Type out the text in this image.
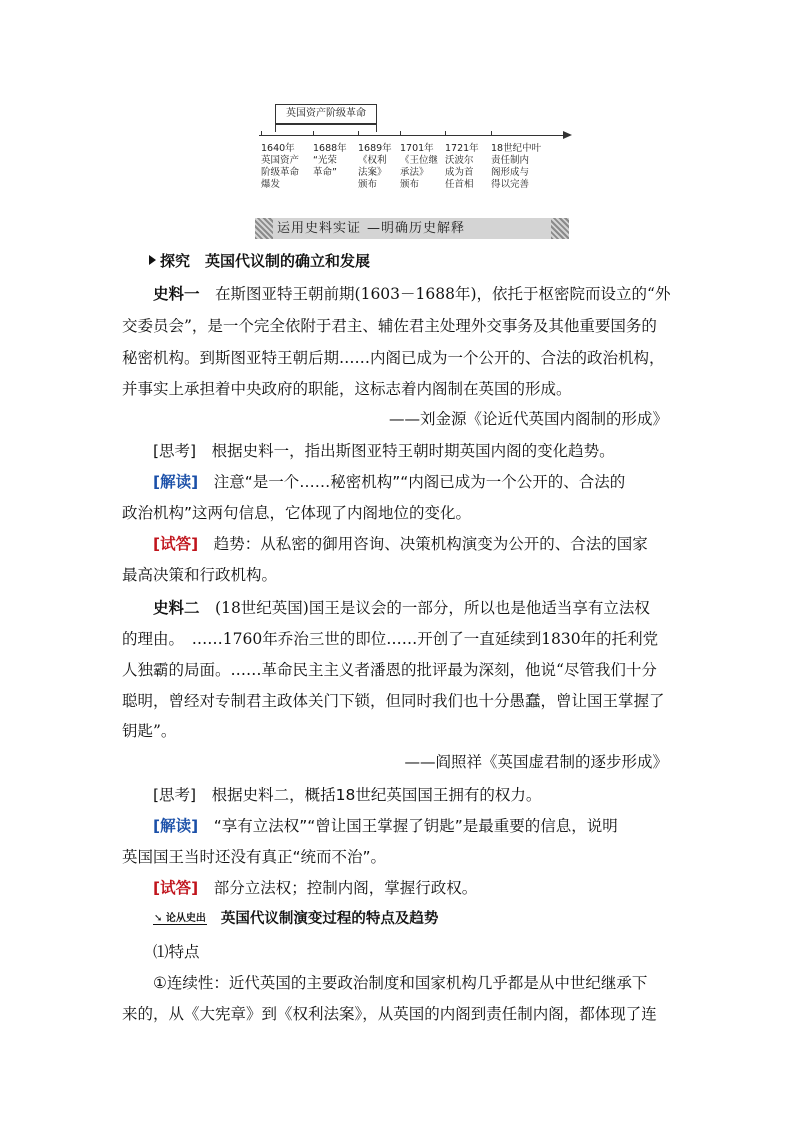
英国资产阶级革命
1640年
英国资产
阶级革命
爆发
1688年
“光荣
革命”
1689年
《权利
法案》
颁布
1701年
《王位继
承法》
颁布
1721年
沃波尔
成为首
任首相
18世纪中叶
责任制内
阁形成与
得以完善
运用史料实证 —明确历史解释
探究　英国代议制的确立和发展
史料一　 在斯图亚特王朝前期(1603－1688年)，依托于枢密院而设立的“外
交委员会”，是一个完全依附于君主、辅佐君主处理外交事务及其他重要国务的
秘密机构。到斯图亚特王朝后期……内阁已成为一个公开的、合法的政治机构，
并事实上承担着中央政府的职能，这标志着内阁制在英国的形成。
——刘金源《论近代英国内阁制的形成》
[思考]　 根据史料一，指出斯图亚特王朝时期英国内阁的变化趋势。
[解读]　 注意“是一个……秘密机构”“内阁已成为一个公开的、合法的
政治机构”这两句信息，它体现了内阁地位的变化。
[试答]　 趋势：从私密的御用咨询、决策机构演变为公开的、合法的国家
最高决策和行政机构。
史料二　 (18世纪英国)国王是议会的一部分，所以也是他适当享有立法权
的理由。　……1760年乔治三世的即位……开创了一直延续到1830年的托利党
人独霸的局面。……革命民主主义者潘恩的批评最为深刻，他说“尽管我们十分
聪明，曾经对专制君主政体关门下锁，但同时我们也十分愚蠢，曾让国王掌握了
钥匙”。
——阎照祥《英国虚君制的逐步形成》
[思考]　 根据史料二，概括18世纪英国国王拥有的权力。
[解读]　 “享有立法权”“曾让国王掌握了钥匙”是最重要的信息，说明
英国国王当时还没有真正“统而不治”。
[试答]　 部分立法权；控制内阁，掌握行政权。
➘ 论从史出 英国代议制演变过程的特点及趋势
⑴特点
①连续性：近代英国的主要政治制度和国家机构几乎都是从中世纪继承下
来的，从《大宪章》到《权利法案》，从英国的内阁到责任制内阁，都体现了连
